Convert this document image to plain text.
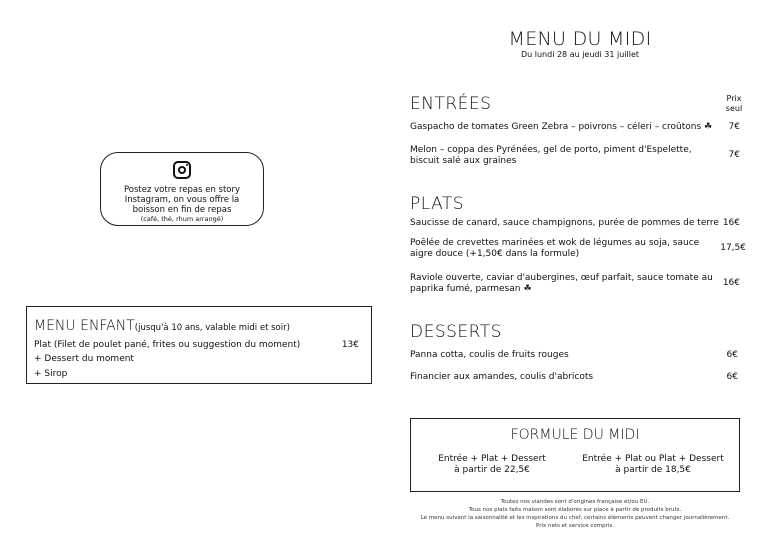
MENU DU MIDI
Du lundi 28 au jeudi 31 juillet
Prix
seul
ENTRÉES
Gaspacho de tomates Green Zebra – poivrons – céleri – croûtons ☘	7€
Melon – coppa des Pyrénées, gel de porto, piment d'Espelette,
biscuit salé aux graines
7€
PLATS
Saucisse de canard, sauce champignons, purée de pommes de terre 16€
Poêlée de crevettes marinées et wok de légumes au soja, sauce
aigre douce (+1,50€ dans la formule)
17,5€
Raviole ouverte, caviar d'aubergines, œuf parfait, sauce tomate au
paprika fumé, parmesan ☘
16€
DESSERTS
Panna cotta, coulis de fruits rouges	6€
Financier aux amandes, coulis d'abricots	6€
Postez votre repas en story
Instagram, on vous offre la
boisson en fin de repas
(café, thé, rhum arrangé)
MENU ENFANT(jusqu'à 10 ans, valable midi et soir)
Plat (Filet de poulet pané, frites ou suggestion du moment)	13€
+ Dessert du moment
+ Sirop
FORMULE DU MIDI
Entrée + Plat + Dessert
à partir de 22,5€
Entrée + Plat ou Plat + Dessert
à partir de 18,5€
Toutes nos viandes sont d'origines française et/ou EU.
Tous nos plats faits maison sont élaborés sur place à partir de produits bruts.
Le menu suivant la saisonnalité et les inspirations du chef, certains éléments peuvent changer journalièrement.
Prix nets et service compris.
